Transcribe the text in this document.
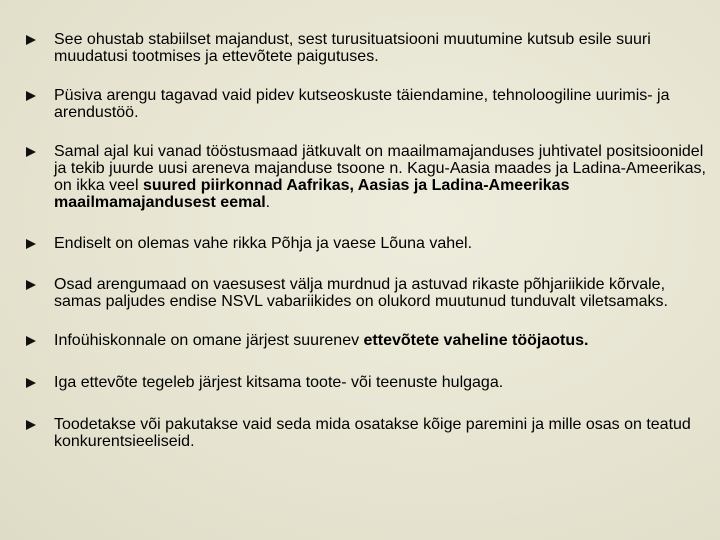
See ohustab stabiilset majandust, sest turusituatsiooni muutumine kutsub esile suuri muudatusi tootmises ja ettevõtete paigutuses.
Püsiva arengu tagavad vaid pidev kutseoskuste täiendamine, tehnoloogiline uurimis- ja arendustöö.
Samal ajal kui vanad tööstusmaad jätkuvalt on maailmamajanduses juhtivatel positsioonidel ja tekib juurde uusi areneva majanduse tsoone n. Kagu-Aasia maades ja Ladina-Ameerikas, on ikka veel suured piirkonnad Aafrikas, Aasias ja Ladina-Ameerikas maailmamajandusest eemal.
Endiselt on olemas vahe rikka Põhja ja vaese Lõuna vahel.
Osad arengumaad on vaesusest välja murdnud ja astuvad rikaste põhjariikide kõrvale, samas paljudes endise NSVL vabariikides on olukord muutunud tunduvalt viletsamaks.
Infoühiskonnale on omane järjest suurenev ettevõtete vaheline tööjaotus.
Iga ettevõte tegeleb järjest kitsama toote- või teenuste hulgaga.
Toodetakse või pakutakse vaid seda mida osatakse kõige paremini ja mille osas on teatud konkurentsieeliseid.
